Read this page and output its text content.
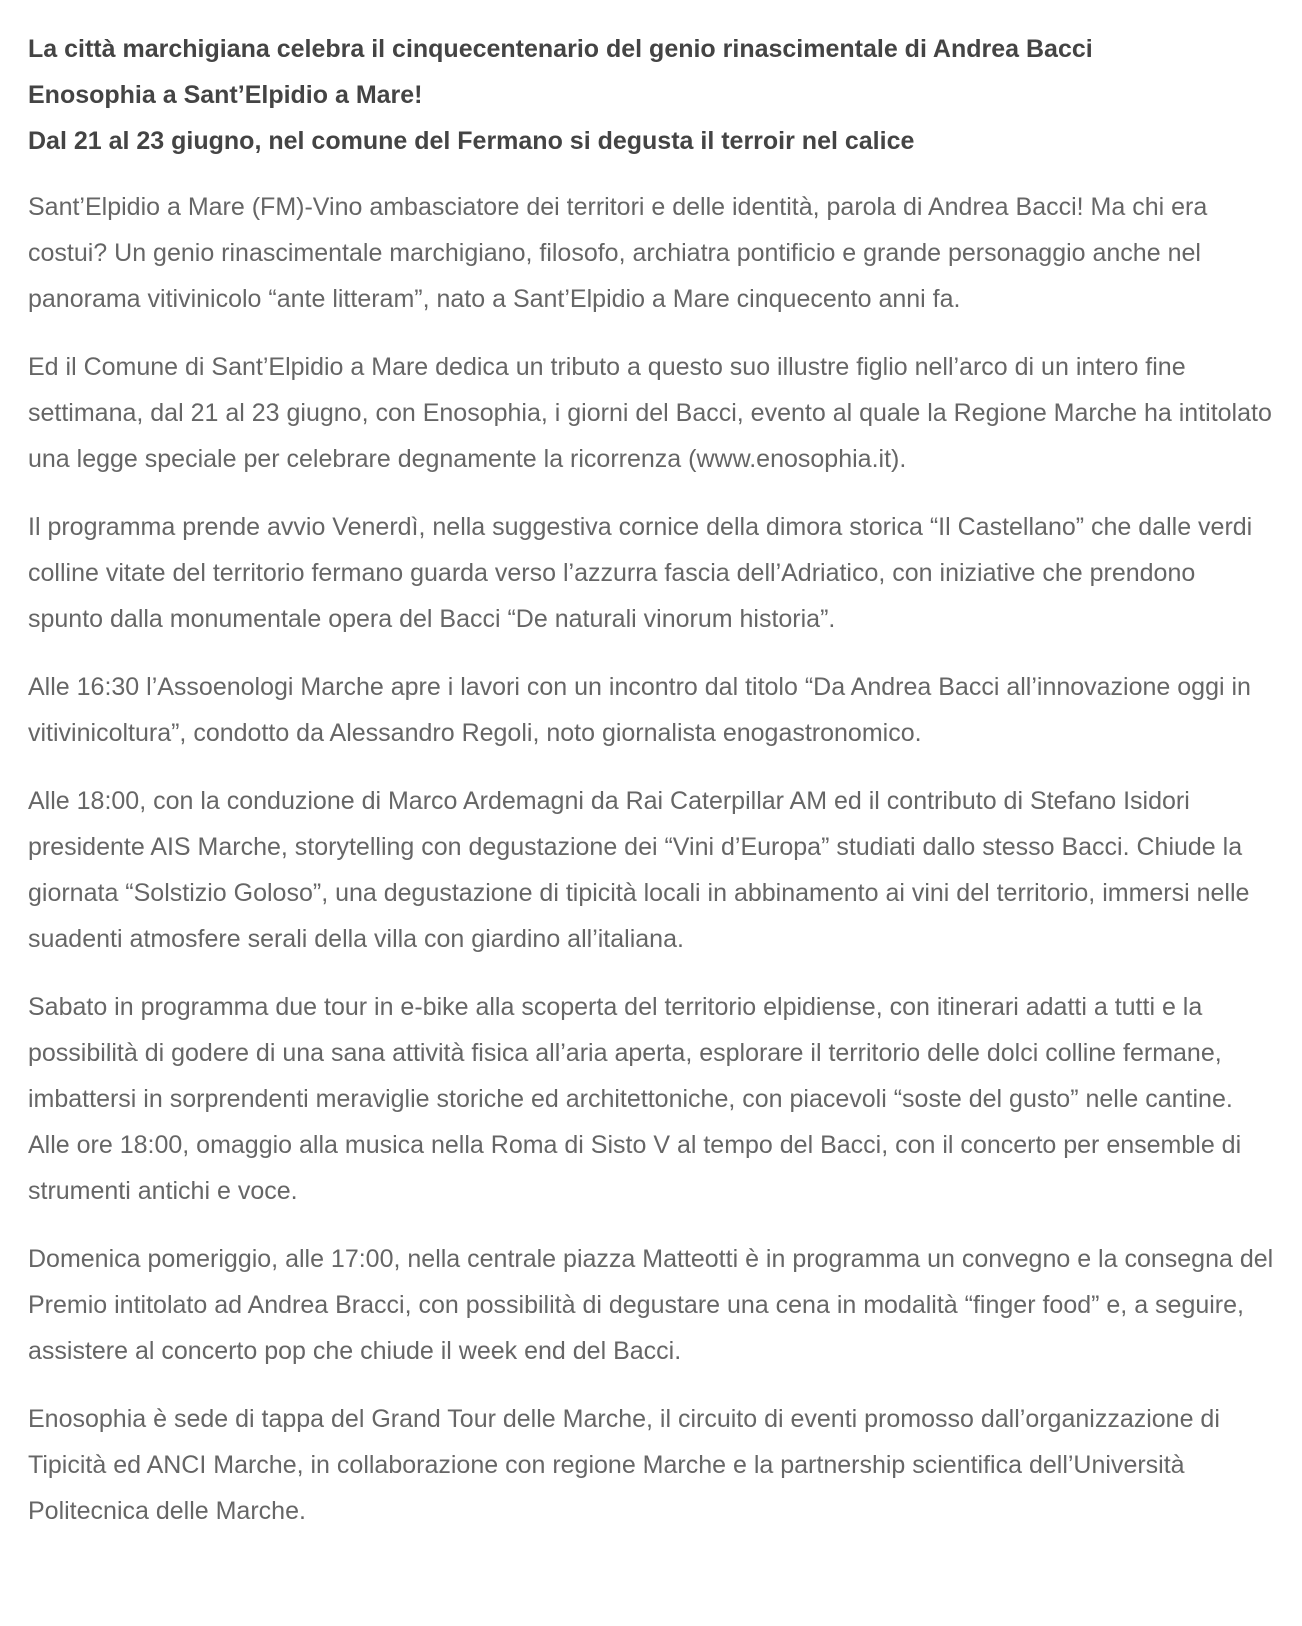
La città marchigiana celebra il cinquecentenario del genio rinascimentale di Andrea Bacci
Enosophia a Sant’Elpidio a Mare!
Dal 21 al 23 giugno, nel comune del Fermano si degusta il terroir nel calice

Sant’Elpidio a Mare (FM)-Vino ambasciatore dei territori e delle identità, parola di Andrea Bacci! Ma chi era costui? Un genio rinascimentale marchigiano, filosofo, archiatra pontificio e grande personaggio anche nel panorama vitivinicolo “ante litteram”, nato a Sant’Elpidio a Mare cinquecento anni fa.

Ed il Comune di Sant’Elpidio a Mare dedica un tributo a questo suo illustre figlio nell’arco di un intero fine settimana, dal 21 al 23 giugno, con Enosophia, i giorni del Bacci, evento al quale la Regione Marche ha intitolato una legge speciale per celebrare degnamente la ricorrenza (www.enosophia.it).

Il programma prende avvio Venerdì, nella suggestiva cornice della dimora storica “Il Castellano” che dalle verdi colline vitate del territorio fermano guarda verso l’azzurra fascia dell’Adriatico, con iniziative che prendono spunto dalla monumentale opera del Bacci “De naturali vinorum historia”.

Alle 16:30 l’Assoenologi Marche apre i lavori con un incontro dal titolo “Da Andrea Bacci all’innovazione oggi in vitivinicoltura”, condotto da Alessandro Regoli, noto giornalista enogastronomico.

Alle 18:00, con la conduzione di Marco Ardemagni da Rai Caterpillar AM ed il contributo di Stefano Isidori presidente AIS Marche, storytelling con degustazione dei “Vini d’Europa” studiati dallo stesso Bacci. Chiude la giornata “Solstizio Goloso”, una degustazione di tipicità locali in abbinamento ai vini del territorio, immersi nelle suadenti atmosfere serali della villa con giardino all’italiana.

Sabato in programma due tour in e-bike alla scoperta del territorio elpidiense, con itinerari adatti a tutti e la possibilità di godere di una sana attività fisica all’aria aperta, esplorare il territorio delle dolci colline fermane, imbattersi in sorprendenti meraviglie storiche ed architettoniche, con piacevoli “soste del gusto” nelle cantine. Alle ore 18:00, omaggio alla musica nella Roma di Sisto V al tempo del Bacci, con il concerto per ensemble di strumenti antichi e voce.

Domenica pomeriggio, alle 17:00, nella centrale piazza Matteotti è in programma un convegno e la consegna del Premio intitolato ad Andrea Bracci, con possibilità di degustare una cena in modalità “finger food” e, a seguire, assistere al concerto pop che chiude il week end del Bacci.

Enosophia è sede di tappa del Grand Tour delle Marche, il circuito di eventi promosso dall’organizzazione di Tipicità ed ANCI Marche, in collaborazione con regione Marche e la partnership scientifica dell’Università Politecnica delle Marche.
